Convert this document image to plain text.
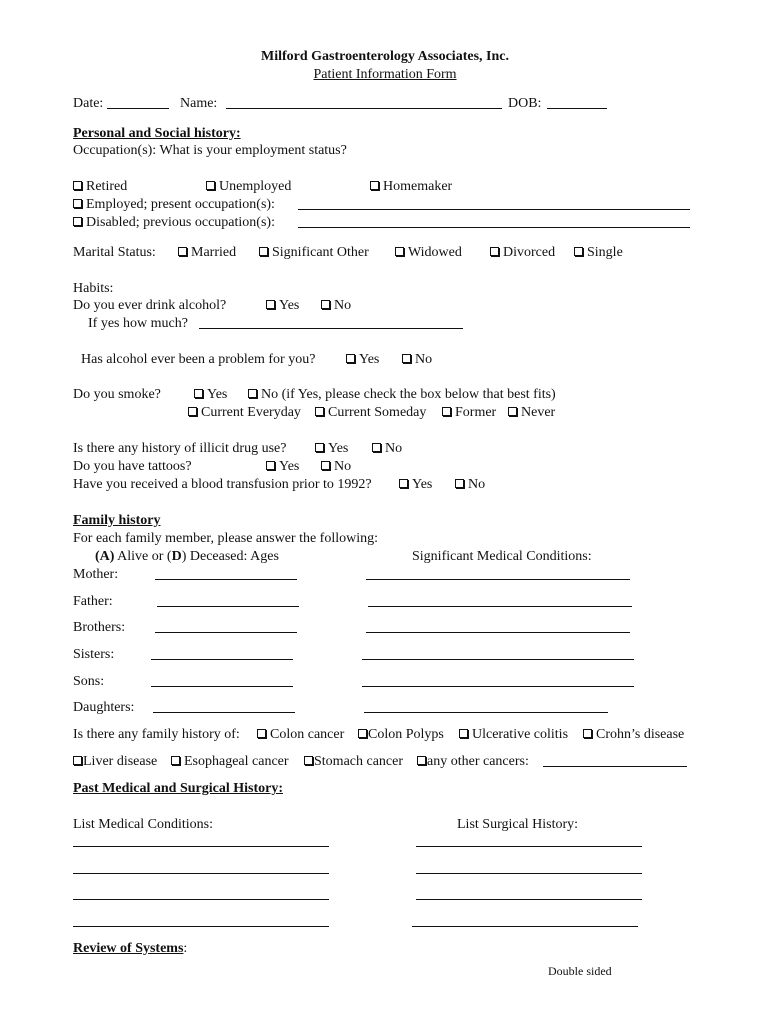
Milford Gastroenterology Associates, Inc.
Patient Information Form
Date:	Name:	DOB:
Personal and Social history:
Occupation(s): What is your employment status?
Retired	Unemployed	Homemaker
Employed; present occupation(s):
Disabled; previous occupation(s):
Marital Status:	Married	Significant Other	Widowed	Divorced	Single
Habits:
Do you ever drink alcohol?	Yes	No
If yes how much?
Has alcohol ever been a problem for you?	Yes	No
Do you smoke?	Yes	No (if Yes, please check the box below that best fits)
Current Everyday	Current Someday	Former	Never
Is there any history of illicit drug use?	Yes	No
Do you have tattoos?	Yes	No
Have you received a blood transfusion prior to 1992?	Yes	No
Family history
For each family member, please answer the following:
(A) Alive or (D) Deceased: Ages	Significant Medical Conditions:
Mother:
Father:
Brothers:
Sisters:
Sons:
Daughters:
Is there any family history of:	Colon cancer	Colon Polyps	Ulcerative colitis	Crohn’s disease
Liver disease	Esophageal cancer	Stomach cancer	any other cancers:
Past Medical and Surgical History:
List Medical Conditions:	List Surgical History:
Review of Systems:
Double sided
